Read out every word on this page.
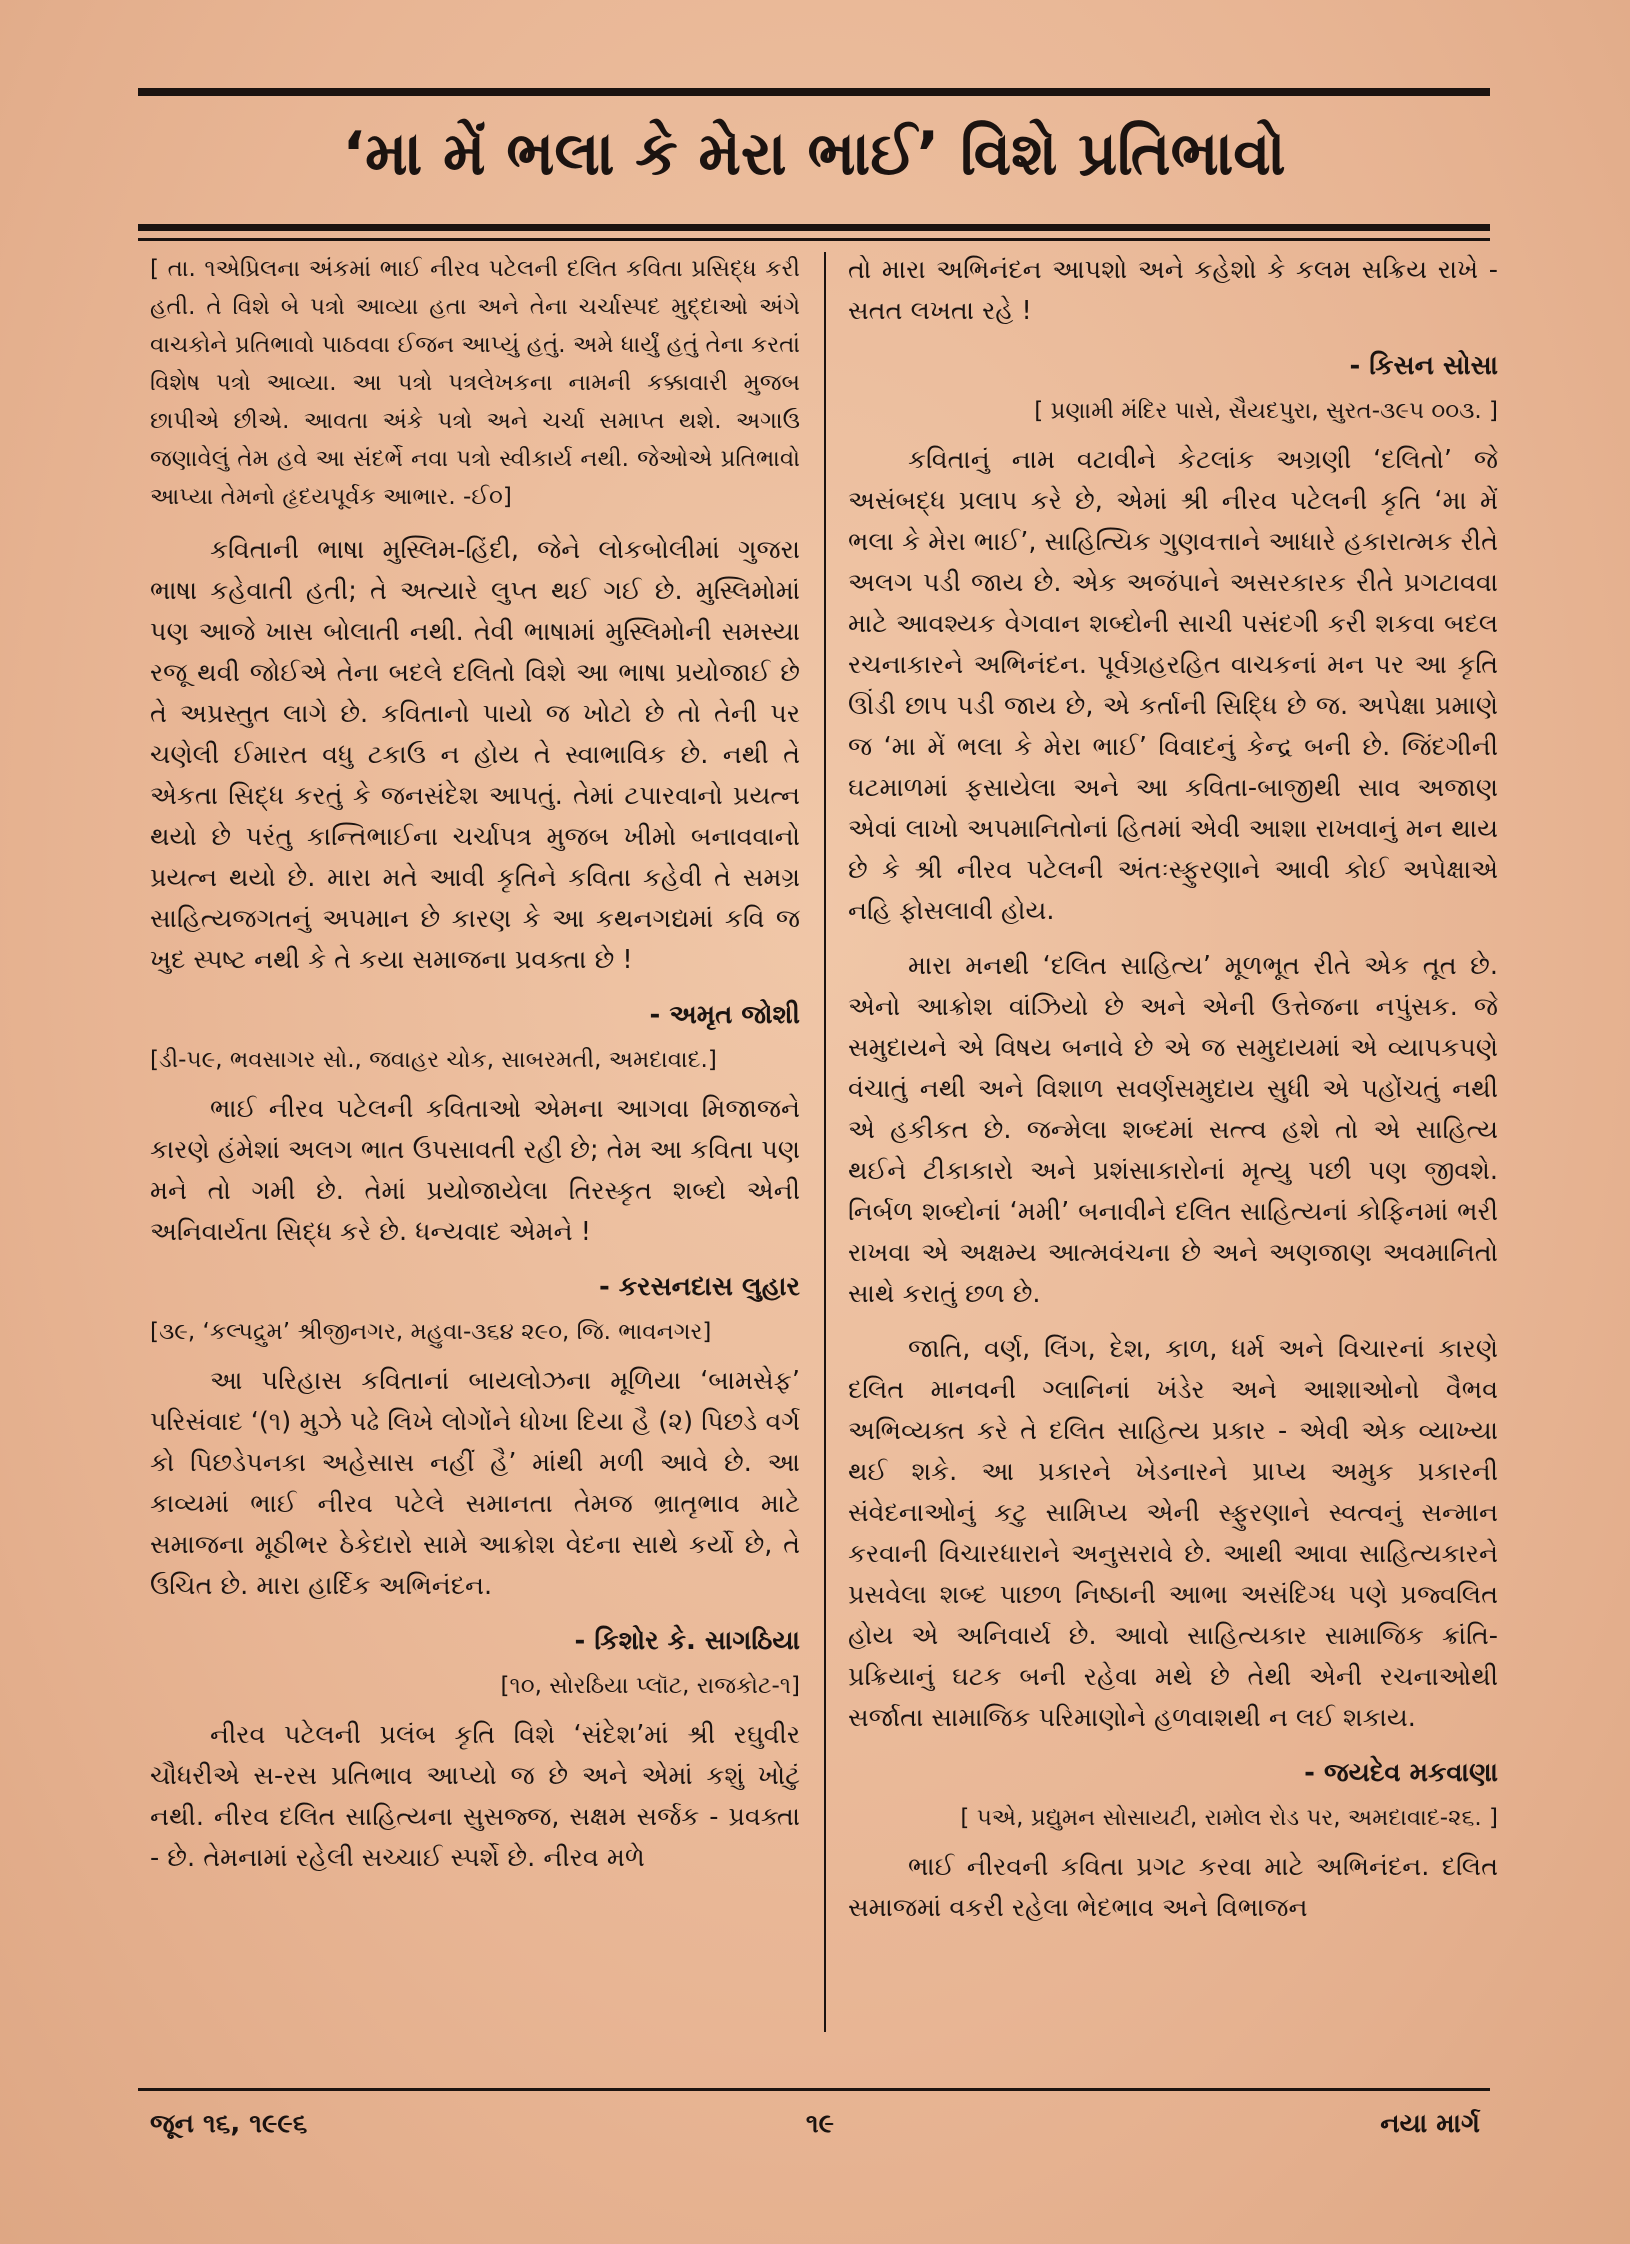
‘મા મેં ભલા કે મેરા ભાઈ’ વિશે પ્રતિભાવો

[ તા. ૧એપ્રિલના અંકમાં ભાઈ નીરવ પટેલની દલિત કવિતા પ્રસિદ્ધ કરી હતી. તે વિશે બે પત્રો આવ્યા હતા અને તેના ચર્ચાસ્પદ મુદ્દાઓ અંગે વાચકોને પ્રતિભાવો પાઠવવા ઈજન આપ્યું હતું. અમે ધાર્યું હતું તેના કરતાં વિશેષ પત્રો આવ્યા. આ પત્રો પત્રલેખકના નામની કક્કાવારી મુજબ છાપીએ છીએ. આવતા અંકે પત્રો અને ચર્ચા સમાપ્ત થશે. અગાઉ જણાવેલું તેમ હવે આ સંદર્ભે નવા પત્રો સ્વીકાર્ય નથી. જેઓએ પ્રતિભાવો આપ્યા તેમનો હૃદયપૂર્વક આભાર. -ઈ૦]

કવિતાની ભાષા મુસ્લિમ-હિંદી, જેને લોકબોલીમાં ગુજરા ભાષા કહેવાતી હતી; તે અત્યારે લુપ્ત થઈ ગઈ છે. મુસ્લિમોમાં પણ આજે ખાસ બોલાતી નથી. તેવી ભાષામાં મુસ્લિમોની સમસ્યા રજૂ થવી જોઈએ તેના બદલે દલિતો વિશે આ ભાષા પ્રયોજાઈ છે તે અપ્રસ્તુત લાગે છે. કવિતાનો પાયો જ ખોટો છે તો તેની પર ચણેલી ઈમારત વધુ ટકાઉ ન હોય તે સ્વાભાવિક છે. નથી તે એકતા સિદ્ધ કરતું કે જનસંદેશ આપતું. તેમાં ટપારવાનો પ્રયત્ન થયો છે પરંતુ કાન્તિભાઈના ચર્ચાપત્ર મુજબ ખીમો બનાવવાનો પ્રયત્ન થયો છે. મારા મતે આવી કૃતિને કવિતા કહેવી તે સમગ્ર સાહિત્યજગતનું અપમાન છે કારણ કે આ કથનગદ્યમાં કવિ જ ખુદ સ્પષ્ટ નથી કે તે કયા સમાજના પ્રવક્તા છે !

- અમૃત જોશી
[ડી-૫૯, ભવસાગર સો., જવાહર ચોક, સાબરમતી, અમદાવાદ.]

ભાઈ નીરવ પટેલની કવિતાઓ એમના આગવા મિજાજને કારણે હંમેશાં અલગ ભાત ઉપસાવતી રહી છે; તેમ આ કવિતા પણ મને તો ગમી છે. તેમાં પ્રયોજાયેલા તિરસ્કૃત શબ્દો એની અનિવાર્યતા સિદ્ધ કરે છે. ધન્યવાદ એમને !

- કરસનદાસ લુહાર
[૩૯, ‘કલ્પદ્રુમ’ શ્રીજીનગર, મહુવા-૩૬૪ ૨૯૦, જિ. ભાવનગર]

આ પરિહાસ કવિતાનાં બાયલોઝના મૂળિયા ‘બામસેફ’ પરિસંવાદ ‘(૧) મુઝે પઢે લિખે લોગોંને ધોખા દિયા હૈ (૨) પિછડે વર્ગ કો પિછડેપનકા અહેસાસ નહીં હૈ’ માંથી મળી આવે છે. આ કાવ્યમાં ભાઈ નીરવ પટેલે સમાનતા તેમજ ભ્રાતૃભાવ માટે સમાજના મૂઠીભર ઠેકેદારો સામે આક્રોશ વેદના સાથે કર્યો છે, તે ઉચિત છે. મારા હાર્દિક અભિનંદન.

- કિશોર કે. સાગઠિયા
[૧૦, સોરઠિયા પ્લૉટ, રાજકોટ-૧]

નીરવ પટેલની પ્રલંબ કૃતિ વિશે ‘સંદેશ’માં શ્રી રઘુવીર ચૌધરીએ સ-રસ પ્રતિભાવ આપ્યો જ છે અને એમાં કશું ખોટું નથી. નીરવ દલિત સાહિત્યના સુસજ્જ, સક્ષમ સર્જક - પ્રવક્તા - છે. તેમનામાં રહેલી સચ્ચાઈ સ્પર્શે છે. નીરવ મળે

તો મારા અભિનંદન આપશો અને કહેશો કે કલમ સક્રિય રાખે - સતત લખતા રહે !

- કિસન સોસા
[ પ્રણામી મંદિર પાસે, સૈયદપુરા, સુરત-૩૯૫ ૦૦૩. ]

કવિતાનું નામ વટાવીને કેટલાંક અગ્રણી ‘દલિતો’ જે અસંબદ્ધ પ્રલાપ કરે છે, એમાં શ્રી નીરવ પટેલની કૃતિ ‘મા મેં ભલા કે મેરા ભાઈ’, સાહિત્યિક ગુણવત્તાને આધારે હકારાત્મક રીતે અલગ પડી જાય છે. એક અજંપાને અસરકારક રીતે પ્રગટાવવા માટે આવશ્યક વેગવાન શબ્દોની સાચી પસંદગી કરી શકવા બદલ રચનાકારને અભિનંદન. પૂર્વગ્રહરહિત વાચકનાં મન પર આ કૃતિ ઊંડી છાપ પડી જાય છે, એ કર્તાની સિદ્ધિ છે જ. અપેક્ષા પ્રમાણે જ ‘મા મેં ભલા કે મેરા ભાઈ’ વિવાદનું કેન્દ્ર બની છે. જિંદગીની ઘટમાળમાં ફસાયેલા અને આ કવિતા-બાજીથી સાવ અજાણ એવાં લાખો અપમાનિતોનાં હિતમાં એવી આશા રાખવાનું મન થાય છે કે શ્રી નીરવ પટેલની અંતઃસ્ફુરણાને આવી કોઈ અપેક્ષાએ નહિ ફોસલાવી હોય.

મારા મનથી ‘દલિત સાહિત્ય’ મૂળભૂત રીતે એક તૂત છે. એનો આક્રોશ વાંઝિયો છે અને એની ઉત્તેજના નપુંસક. જે સમુદાયને એ વિષય બનાવે છે એ જ સમુદાયમાં એ વ્યાપકપણે વંચાતું નથી અને વિશાળ સવર્ણસમુદાય સુધી એ પહોંચતું નથી એ હકીકત છે. જન્મેલા શબ્દમાં સત્ત્વ હશે તો એ સાહિત્ય થઈને ટીકાકારો અને પ્રશંસાકારોનાં મૃત્યુ પછી પણ જીવશે. નિર્બળ શબ્દોનાં ‘મમી’ બનાવીને દલિત સાહિત્યનાં કોફિનમાં ભરી રાખવા એ અક્ષમ્ય આત્મવંચના છે અને અણજાણ અવમાનિતો સાથે કરાતું છળ છે.

જાતિ, વર્ણ, લિંગ, દેશ, કાળ, ધર્મ અને વિચારનાં કારણે દલિત માનવની ગ્લાનિનાં ખંડેર અને આશાઓનો વૈભવ અભિવ્યક્ત કરે તે દલિત સાહિત્ય પ્રકાર - એવી એક વ્યાખ્યા થઈ શકે. આ પ્રકારને ખેડનારને પ્રાપ્ય અમુક પ્રકારની સંવેદનાઓનું કટુ સામિપ્ય એની સ્ફુરણાને સ્વત્વનું સન્માન કરવાની વિચારધારાને અનુસરાવે છે. આથી આવા સાહિત્યકારને પ્રસવેલા શબ્દ પાછળ નિષ્ઠાની આભા અસંદિગ્ધ પણે પ્રજ્વલિત હોય એ અનિવાર્ય છે. આવો સાહિત્યકાર સામાજિક ક્રાંતિ-પ્રક્રિયાનું ઘટક બની રહેવા મથે છે તેથી એની રચનાઓથી સર્જાતા સામાજિક પરિમાણોને હળવાશથી ન લઈ શકાય.

- જયદેવ મકવાણા
[ ૫એ, પ્રદ્યુમન સોસાયટી, રામોલ રોડ પર, અમદાવાદ-૨૬. ]

ભાઈ નીરવની કવિતા પ્રગટ કરવા માટે અભિનંદન. દલિત સમાજમાં વકરી રહેલા ભેદભાવ અને વિભાજન

જૂન ૧૬, ૧૯૯૬	૧૯	નયા માર્ગ
